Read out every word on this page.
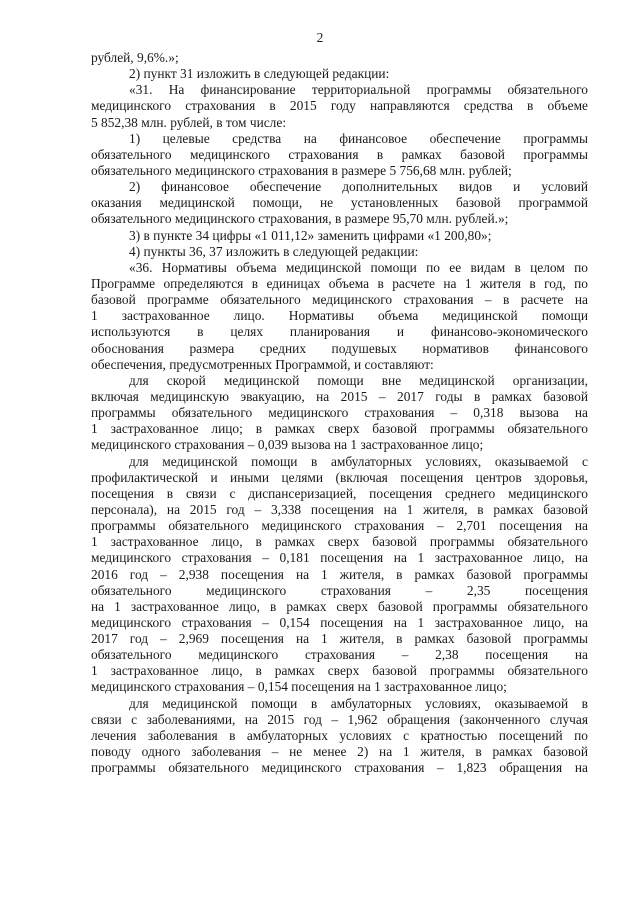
2
рублей, 9,6%.»;
2) пункт 31 изложить в следующей редакции:
«31. На финансирование территориальной программы обязательного
медицинского страхования в 2015 году направляются средства в объеме
5 852,38 млн. рублей, в том числе:
1) целевые средства на финансовое обеспечение программы
обязательного медицинского страхования в рамках базовой программы
обязательного медицинского страхования в размере 5 756,68 млн. рублей;
2) финансовое обеспечение дополнительных видов и условий
оказания медицинской помощи, не установленных базовой программой
обязательного медицинского страхования, в размере 95,70 млн. рублей.»;
3) в пункте 34 цифры «1 011,12» заменить цифрами «1 200,80»;
4) пункты 36, 37 изложить в следующей редакции:
«36. Нормативы объема медицинской помощи по ее видам в целом по
Программе определяются в единицах объема в расчете на 1 жителя в год, по
базовой программе обязательного медицинского страхования – в расчете на
1 застрахованное лицо. Нормативы объема медицинской помощи
используются в целях планирования и финансово-экономического
обоснования размера средних подушевых нормативов финансового
обеспечения, предусмотренных Программой, и составляют:
для скорой медицинской помощи вне медицинской организации,
включая медицинскую эвакуацию, на 2015 – 2017 годы в рамках базовой
программы обязательного медицинского страхования – 0,318 вызова на
1 застрахованное лицо; в рамках сверх базовой программы обязательного
медицинского страхования – 0,039 вызова на 1 застрахованное лицо;
для медицинской помощи в амбулаторных условиях, оказываемой с
профилактической и иными целями (включая посещения центров здоровья,
посещения в связи с диспансеризацией, посещения среднего медицинского
персонала), на 2015 год – 3,338 посещения на 1 жителя, в рамках базовой
программы обязательного медицинского страхования – 2,701 посещения на
1 застрахованное лицо, в рамках сверх базовой программы обязательного
медицинского страхования – 0,181 посещения на 1 застрахованное лицо, на
2016 год – 2,938 посещения на 1 жителя, в рамках базовой программы
обязательного медицинского страхования – 2,35 посещения
на 1 застрахованное лицо, в рамках сверх базовой программы обязательного
медицинского страхования – 0,154 посещения на 1 застрахованное лицо, на
2017 год – 2,969 посещения на 1 жителя, в рамках базовой программы
обязательного медицинского страхования – 2,38 посещения на
1 застрахованное лицо, в рамках сверх базовой программы обязательного
медицинского страхования – 0,154 посещения на 1 застрахованное лицо;
для медицинской помощи в амбулаторных условиях, оказываемой в
связи с заболеваниями, на 2015 год – 1,962 обращения (законченного случая
лечения заболевания в амбулаторных условиях с кратностью посещений по
поводу одного заболевания – не менее 2) на 1 жителя, в рамках базовой
программы обязательного медицинского страхования – 1,823 обращения на
